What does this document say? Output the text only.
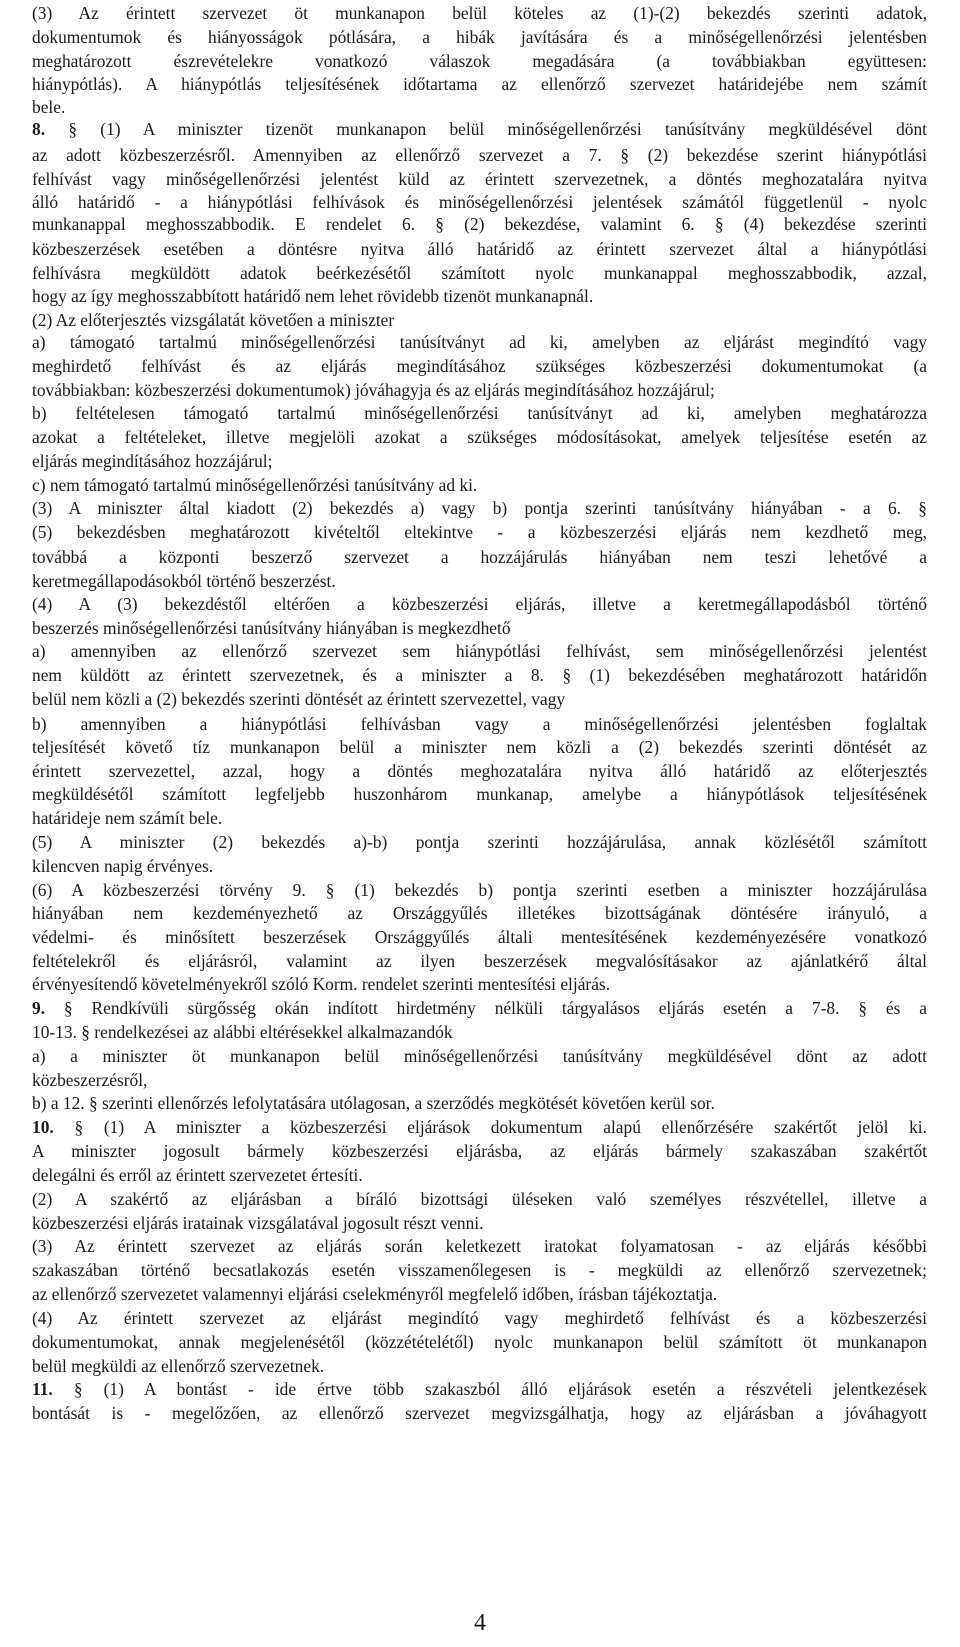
(3) Az érintett szervezet öt munkanapon belül köteles az (1)-(2) bekezdés szerinti adatok,
dokumentumok és hiányosságok pótlására, a hibák javítására és a minőségellenőrzési jelentésben
meghatározott észrevételekre vonatkozó válaszok megadására (a továbbiakban együttesen:
hiánypótlás). A hiánypótlás teljesítésének időtartama az ellenőrző szervezet határidejébe nem számít
bele.
8. § (1) A miniszter tizenöt munkanapon belül minőségellenőrzési tanúsítvány megküldésével dönt
az adott közbeszerzésről. Amennyiben az ellenőrző szervezet a 7. § (2) bekezdése szerint hiánypótlási
felhívást vagy minőségellenőrzési jelentést küld az érintett szervezetnek, a döntés meghozatalára nyitva
álló határidő - a hiánypótlási felhívások és minőségellenőrzési jelentések számától függetlenül - nyolc
munkanappal meghosszabbodik. E rendelet 6. § (2) bekezdése, valamint 6. § (4) bekezdése szerinti
közbeszerzések esetében a döntésre nyitva álló határidő az érintett szervezet által a hiánypótlási
felhívásra megküldött adatok beérkezésétől számított nyolc munkanappal meghosszabbodik, azzal,
hogy az így meghosszabbított határidő nem lehet rövidebb tizenöt munkanapnál.
(2) Az előterjesztés vizsgálatát követően a miniszter
a) támogató tartalmú minőségellenőrzési tanúsítványt ad ki, amelyben az eljárást megindító vagy
meghirdető felhívást és az eljárás megindításához szükséges közbeszerzési dokumentumokat (a
továbbiakban: közbeszerzési dokumentumok) jóváhagyja és az eljárás megindításához hozzájárul;
b) feltételesen támogató tartalmú minőségellenőrzési tanúsítványt ad ki, amelyben meghatározza
azokat a feltételeket, illetve megjelöli azokat a szükséges módosításokat, amelyek teljesítése esetén az
eljárás megindításához hozzájárul;
c) nem támogató tartalmú minőségellenőrzési tanúsítvány ad ki.
(3) A miniszter által kiadott (2) bekezdés a) vagy b) pontja szerinti tanúsítvány hiányában - a 6. §
(5) bekezdésben meghatározott kivételtől eltekintve - a közbeszerzési eljárás nem kezdhető meg,
továbbá a központi beszerző szervezet a hozzájárulás hiányában nem teszi lehetővé a
keretmegállapodásokból történő beszerzést.
(4) A (3) bekezdéstől eltérően a közbeszerzési eljárás, illetve a keretmegállapodásból történő
beszerzés minőségellenőrzési tanúsítvány hiányában is megkezdhető
a) amennyiben az ellenőrző szervezet sem hiánypótlási felhívást, sem minőségellenőrzési jelentést
nem küldött az érintett szervezetnek, és a miniszter a 8. § (1) bekezdésében meghatározott határidőn
belül nem közli a (2) bekezdés szerinti döntését az érintett szervezettel, vagy
b) amennyiben a hiánypótlási felhívásban vagy a minőségellenőrzési jelentésben foglaltak
teljesítését követő tíz munkanapon belül a miniszter nem közli a (2) bekezdés szerinti döntését az
érintett szervezettel, azzal, hogy a döntés meghozatalára nyitva álló határidő az előterjesztés
megküldésétől számított legfeljebb huszonhárom munkanap, amelybe a hiánypótlások teljesítésének
határideje nem számít bele.
(5) A miniszter (2) bekezdés a)-b) pontja szerinti hozzájárulása, annak közlésétől számított
kilencven napig érvényes.
(6) A közbeszerzési törvény 9. § (1) bekezdés b) pontja szerinti esetben a miniszter hozzájárulása
hiányában nem kezdeményezhető az Országgyűlés illetékes bizottságának döntésére irányuló, a
védelmi- és minősített beszerzések Országgyűlés általi mentesítésének kezdeményezésére vonatkozó
feltételekről és eljárásról, valamint az ilyen beszerzések megvalósításakor az ajánlatkérő által
érvényesítendő követelményekről szóló Korm. rendelet szerinti mentesítési eljárás.
9. § Rendkívüli sürgősség okán indított hirdetmény nélküli tárgyalásos eljárás esetén a 7-8. § és a
10-13. § rendelkezései az alábbi eltérésekkel alkalmazandók
a) a miniszter öt munkanapon belül minőségellenőrzési tanúsítvány megküldésével dönt az adott
közbeszerzésről,
b) a 12. § szerinti ellenőrzés lefolytatására utólagosan, a szerződés megkötését követően kerül sor.
10. § (1) A miniszter a közbeszerzési eljárások dokumentum alapú ellenőrzésére szakértőt jelöl ki.
A miniszter jogosult bármely közbeszerzési eljárásba, az eljárás bármely szakaszában szakértőt
delegálni és erről az érintett szervezetet értesíti.
(2) A szakértő az eljárásban a bíráló bizottsági üléseken való személyes részvétellel, illetve a
közbeszerzési eljárás iratainak vizsgálatával jogosult részt venni.
(3) Az érintett szervezet az eljárás során keletkezett iratokat folyamatosan - az eljárás későbbi
szakaszában történő becsatlakozás esetén visszamenőlegesen is - megküldi az ellenőrző szervezetnek;
az ellenőrző szervezetet valamennyi eljárási cselekményről megfelelő időben, írásban tájékoztatja.
(4) Az érintett szervezet az eljárást megindító vagy meghirdető felhívást és a közbeszerzési
dokumentumokat, annak megjelenésétől (közzétételétől) nyolc munkanapon belül számított öt munkanapon
belül megküldi az ellenőrző szervezetnek.
11. § (1) A bontást - ide értve több szakaszból álló eljárások esetén a részvételi jelentkezések
bontását is - megelőzően, az ellenőrző szervezet megvizsgálhatja, hogy az eljárásban a jóváhagyott
4
